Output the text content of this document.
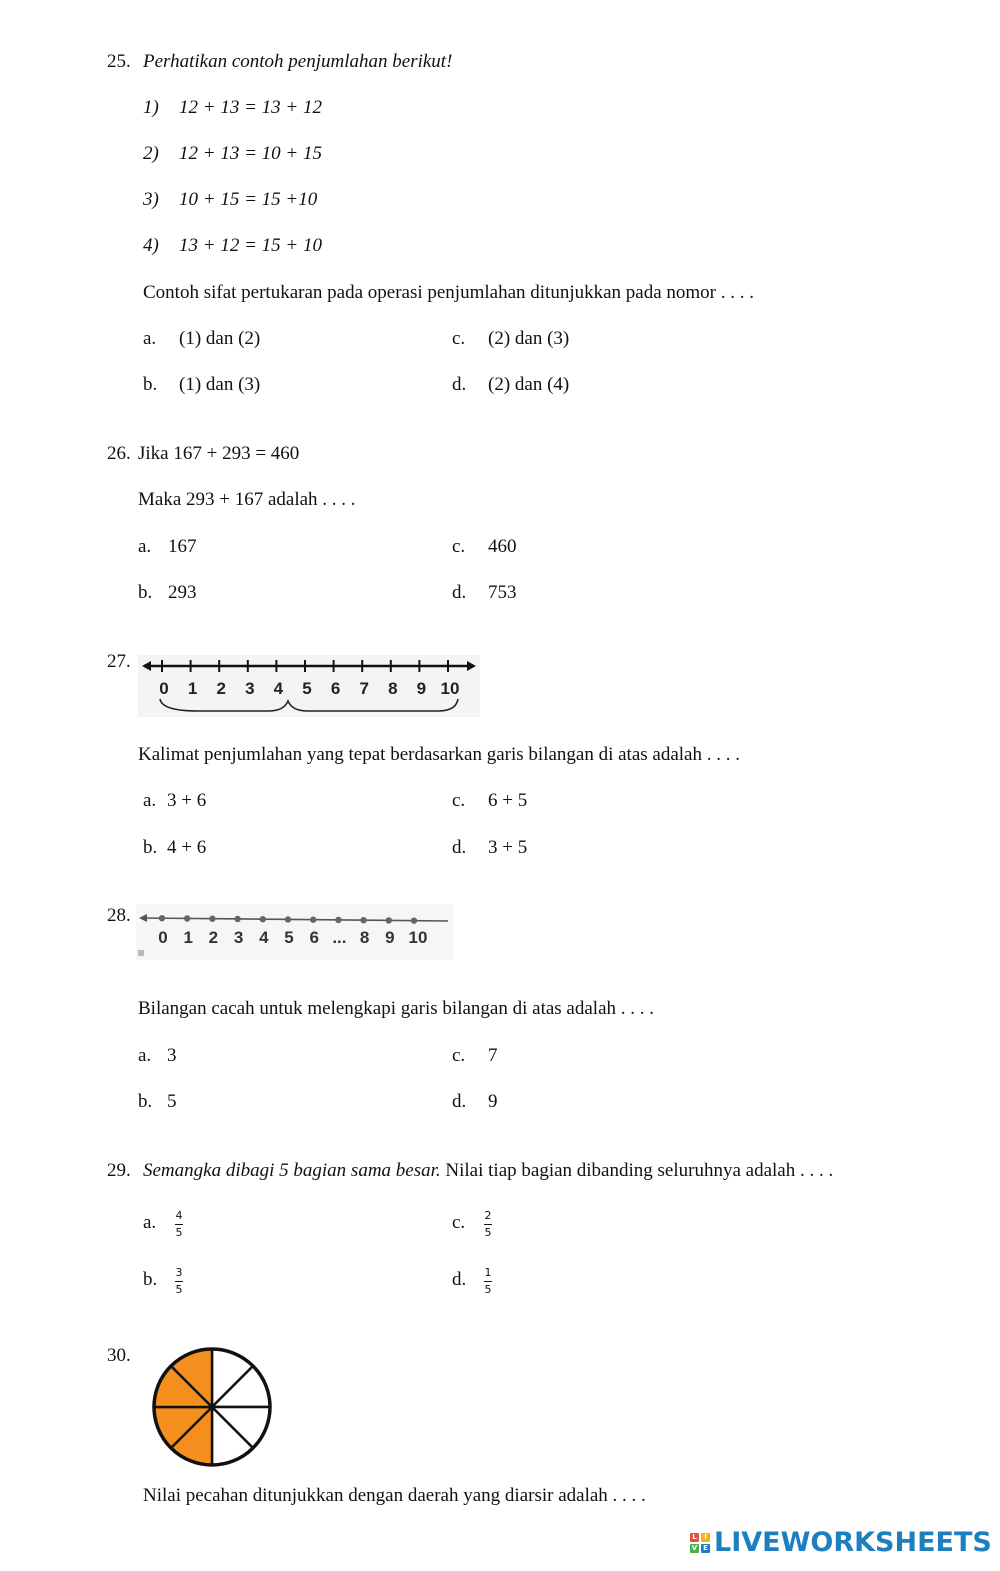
25. Perhatikan contoh penjumlahan berikut!
1) 12 + 13 = 13 + 12
2) 12 + 13 = 10 + 15
3) 10 + 15 = 15 +10
4) 13 + 12 = 15 + 10
Contoh sifat pertukaran pada operasi penjumlahan ditunjukkan pada nomor . . . .
a. (1) dan (2)	c. (2) dan (3)
b. (1) dan (3)	d. (2) dan (4)
26. Jika 167 + 293 = 460
Maka 293 + 167 adalah . . . .
a. 167	c. 460
b. 293	d. 753
27.
0 1 2 3 4 5 6 7 8 9 10
Kalimat penjumlahan yang tepat berdasarkan garis bilangan di atas adalah . . . .
a. 3 + 6	c. 6 + 5
b. 4 + 6	d. 3 + 5
28.
0 1 2 3 4 5 6 ... 8 9 10
Bilangan cacah untuk melengkapi garis bilangan di atas adalah . . . .
a. 3	c. 7
b. 5	d. 9
29. Semangka dibagi 5 bagian sama besar. Nilai tiap bagian dibanding seluruhnya adalah . . . .
a. $\frac{4}{5}$	c. $\frac{2}{5}$
b. $\frac{3}{5}$	d. $\frac{1}{5}$
30.
Nilai pecahan ditunjukkan dengan daerah yang diarsir adalah . . . .
L	I
V E LIVEWORKSHEETS
